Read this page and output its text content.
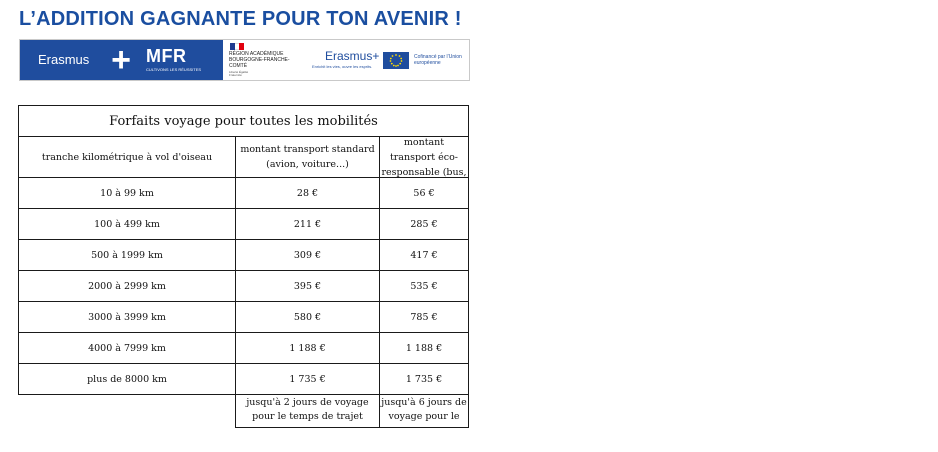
L’ADDITION GAGNANTE POUR TON AVENIR !
Erasmus + MFR
CULTIVONS LES RÉUSSITES
RÉGION ACADÉMIQUE BOURGOGNE-FRANCHE-COMTÉ
Liberté Égalité Fraternité
Erasmus+
Enrichit les vies, ouvre les esprits.
Cofinancé par l’Union européenne
Forfaits voyage pour toutes les mobilités		

tranche kilométrique à vol d'oiseau	montant transport standard (avion, voiture...)	montant transport éco-responsable (bus,

10 à 99 km	28 €	56 €
100 à 499 km	211 €	285 €
500 à 1999 km	309 €	417 €
2000 à 2999 km	395 €	535 €
3000 à 3999 km	580 €	785 €
4000 à 7999 km	1 188 €	1 188 €
plus de 8000 km	1 735 €	1 735 €

	jusqu'à 2 jours de voyage pour le temps de trajet	jusqu'à 6 jours de voyage pour le
